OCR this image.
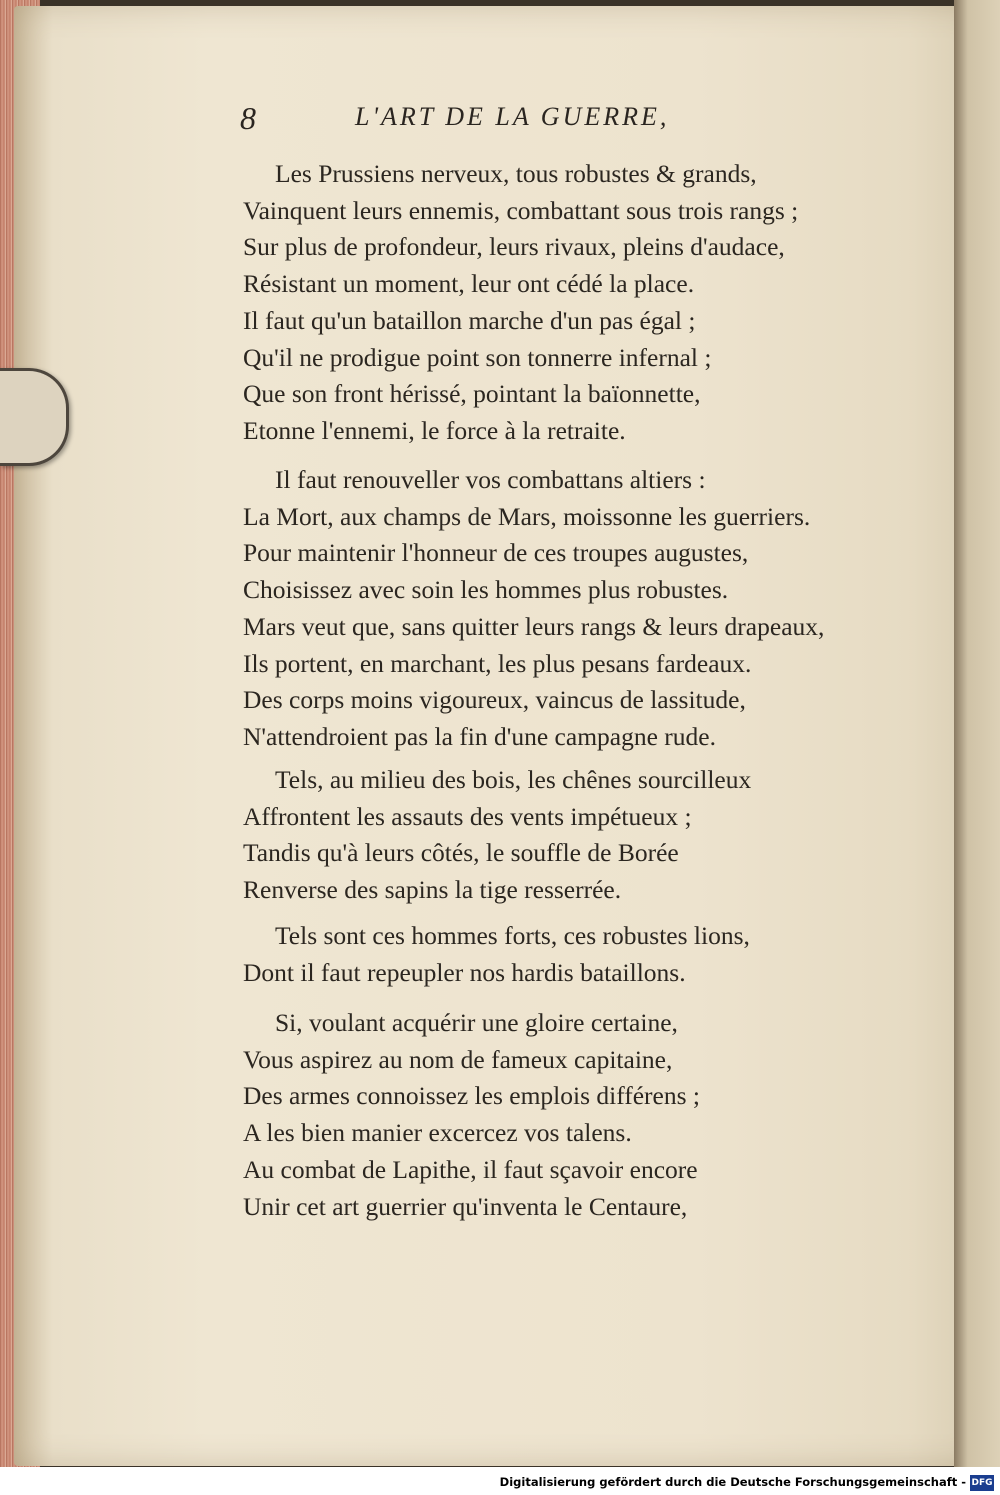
8	L'ART DE LA GUERRE,
Les Prussiens nerveux, tous robustes & grands,
Vainquent leurs ennemis, combattant sous trois rangs ;
Sur plus de profondeur, leurs rivaux, pleins d'audace,
Résistant un moment, leur ont cédé la place.
Il faut qu'un bataillon marche d'un pas égal ;
Qu'il ne prodigue point son tonnerre infernal ;
Que son front hérissé, pointant la baïonnette,
Etonne l'ennemi, le force à la retraite.
Il faut renouveller vos combattans altiers :
La Mort, aux champs de Mars, moissonne les guerriers.
Pour maintenir l'honneur de ces troupes augustes,
Choisissez avec soin les hommes plus robustes.
Mars veut que, sans quitter leurs rangs & leurs drapeaux,
Ils portent, en marchant, les plus pesans fardeaux.
Des corps moins vigoureux, vaincus de lassitude,
N'attendroient pas la fin d'une campagne rude.
Tels, au milieu des bois, les chênes sourcilleux
Affrontent les assauts des vents impétueux ;
Tandis qu'à leurs côtés, le souffle de Borée
Renverse des sapins la tige resserrée.
Tels sont ces hommes forts, ces robustes lions,
Dont il faut repeupler nos hardis bataillons.
Si, voulant acquérir une gloire certaine,
Vous aspirez au nom de fameux capitaine,
Des armes connoissez les emplois différens ;
A les bien manier excercez vos talens.
Au combat de Lapithe, il faut sçavoir encore
Unir cet art guerrier qu'inventa le Centaure,
Digitalisierung gefördert durch die Deutsche Forschungsgemeinschaft - DFG
